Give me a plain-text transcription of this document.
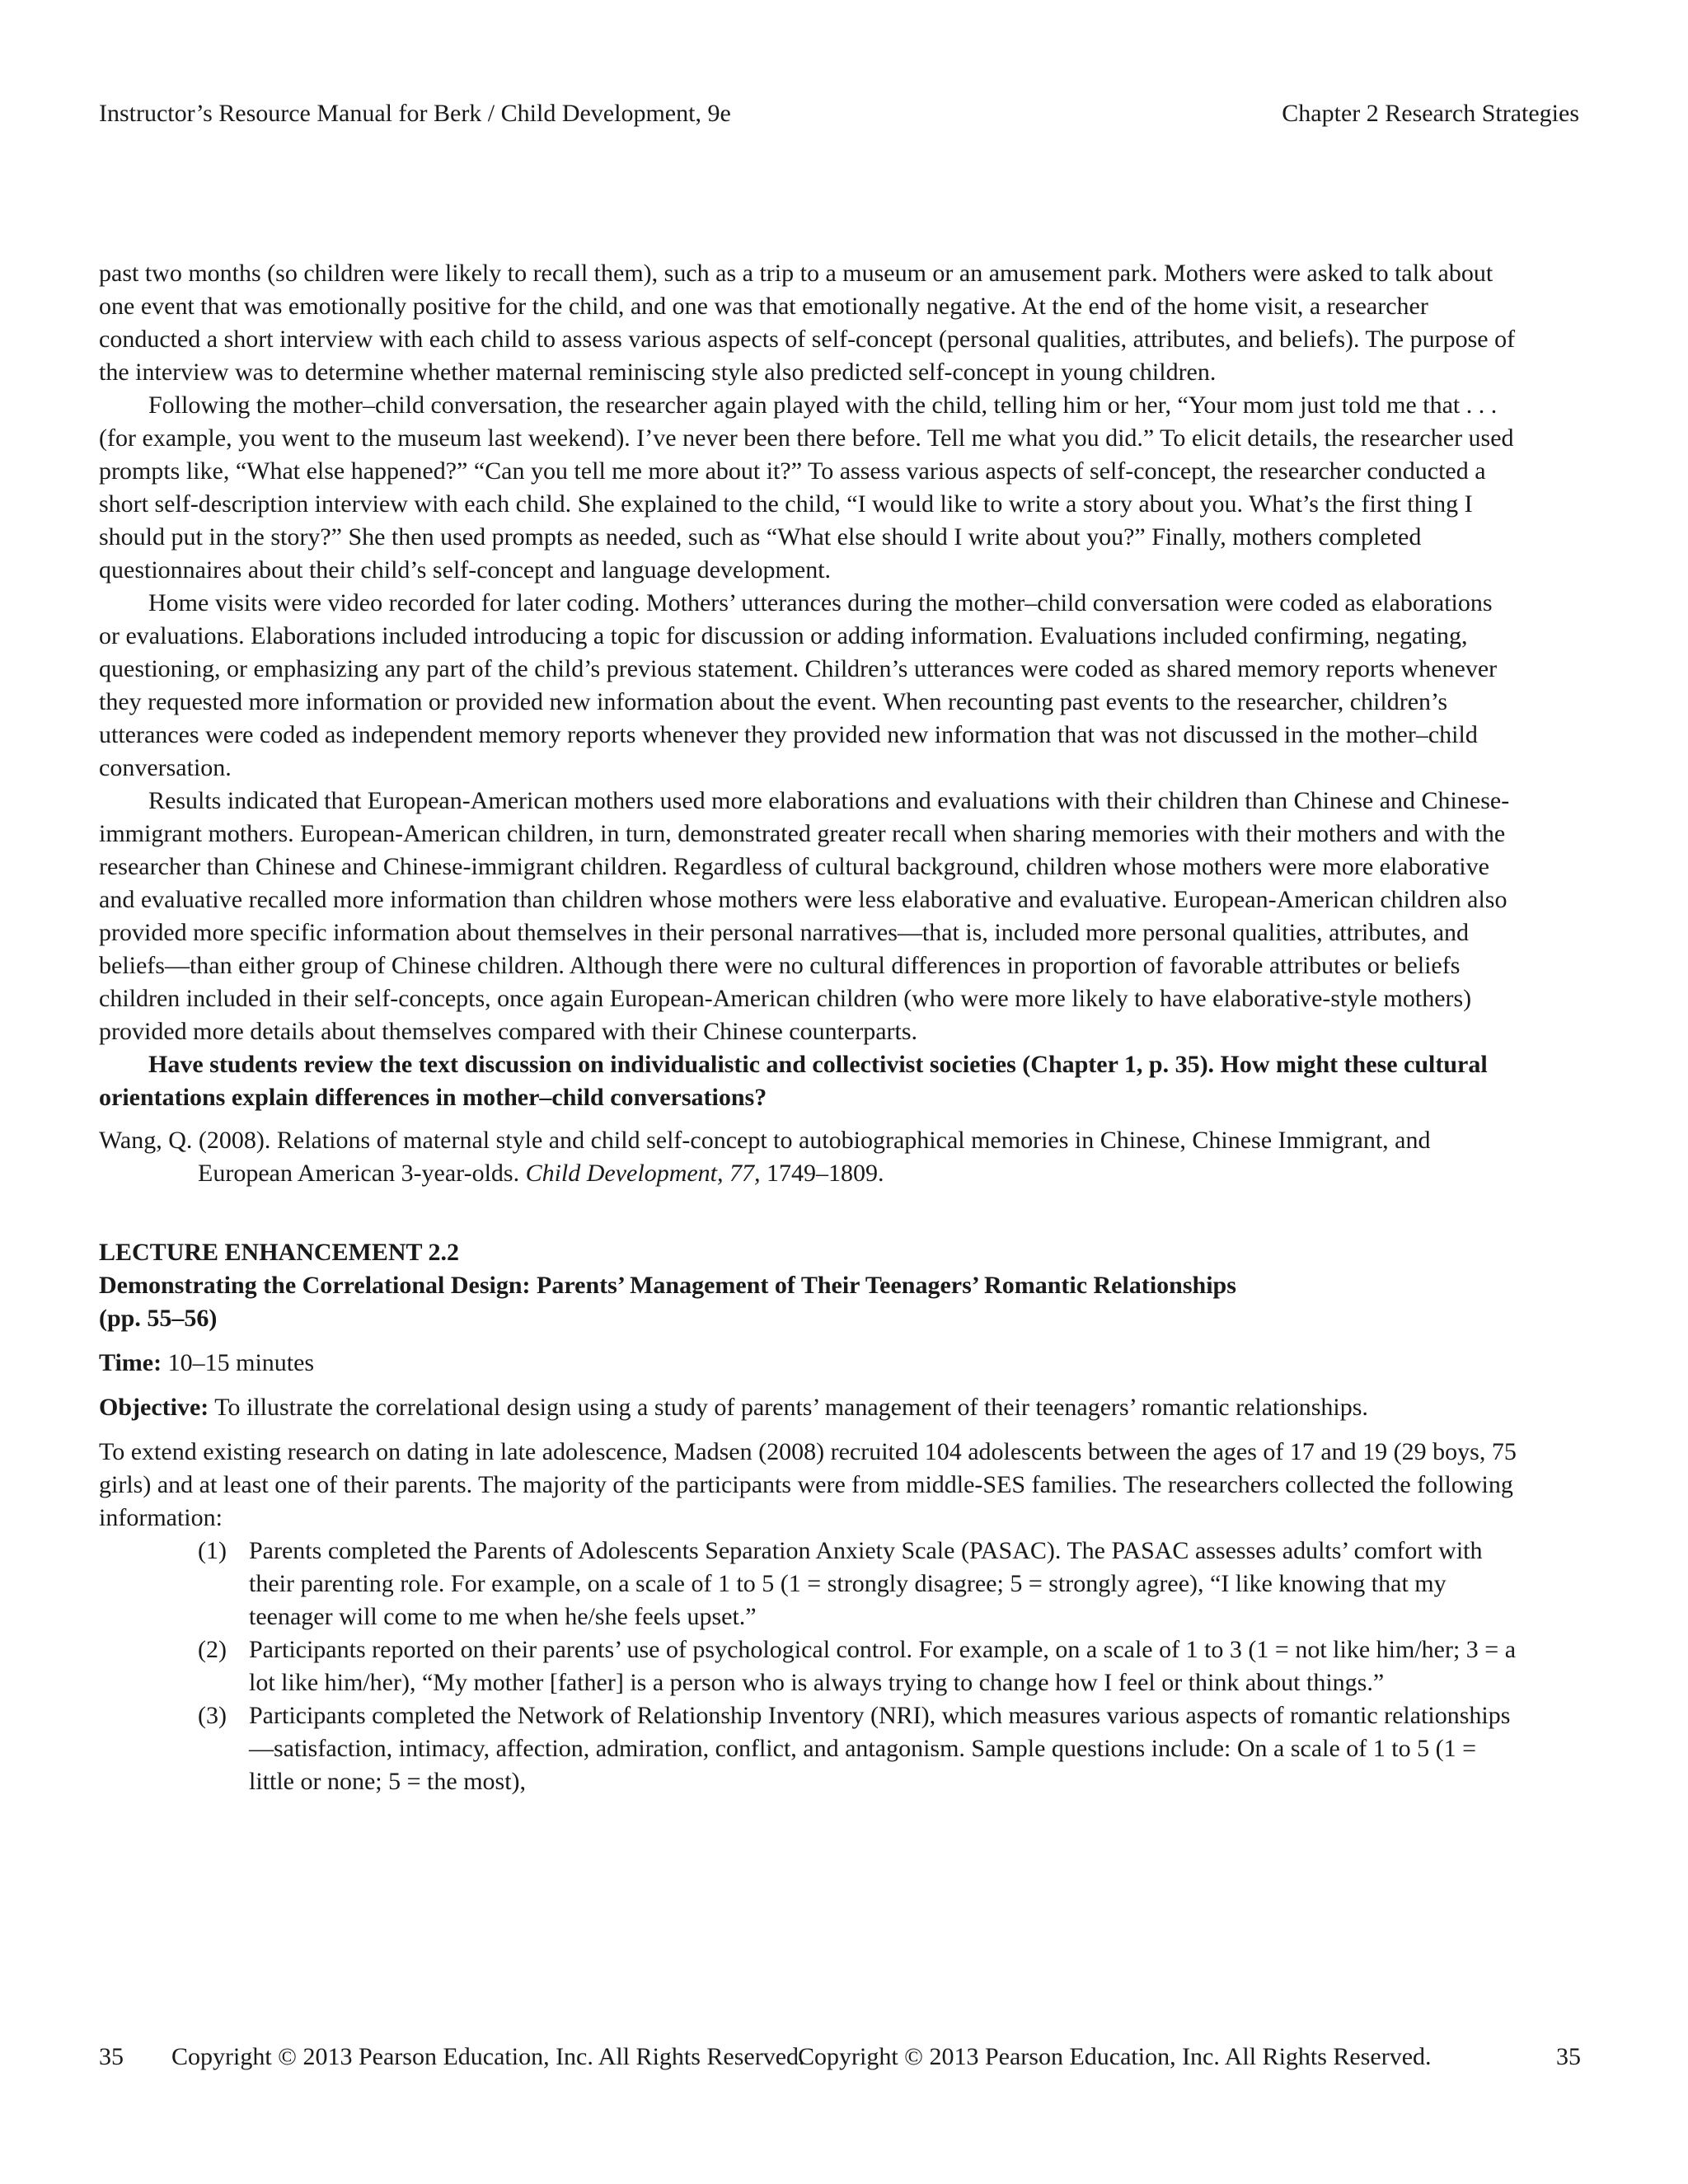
Instructor’s Resource Manual for Berk / Child Development, 9e	Chapter 2 Research Strategies

past two months (so children were likely to recall them), such as a trip to a museum or an amusement park. Mothers were asked to talk about one event that was emotionally positive for the child, and one was that emotionally negative. At the end of the home visit, a researcher conducted a short interview with each child to assess various aspects of self-concept (personal qualities, attributes, and beliefs). The purpose of the interview was to determine whether maternal reminiscing style also predicted self-concept in young children.

Following the mother–child conversation, the researcher again played with the child, telling him or her, “Your mom just told me that . . . (for example, you went to the museum last weekend). I’ve never been there before. Tell me what you did.” To elicit details, the researcher used prompts like, “What else happened?” “Can you tell me more about it?” To assess various aspects of self-concept, the researcher conducted a short self-description interview with each child. She explained to the child, “I would like to write a story about you. What’s the first thing I should put in the story?” She then used prompts as needed, such as “What else should I write about you?” Finally, mothers completed questionnaires about their child’s self-concept and language development.

Home visits were video recorded for later coding. Mothers’ utterances during the mother–child conversation were coded as elaborations or evaluations. Elaborations included introducing a topic for discussion or adding information. Evaluations included confirming, negating, questioning, or emphasizing any part of the child’s previous statement. Children’s utterances were coded as shared memory reports whenever they requested more information or provided new information about the event. When recounting past events to the researcher, children’s utterances were coded as independent memory reports whenever they provided new information that was not discussed in the mother–child conversation.

Results indicated that European-American mothers used more elaborations and evaluations with their children than Chinese and Chinese-immigrant mothers. European-American children, in turn, demonstrated greater recall when sharing memories with their mothers and with the researcher than Chinese and Chinese-immigrant children. Regardless of cultural background, children whose mothers were more elaborative and evaluative recalled more information than children whose mothers were less elaborative and evaluative. European-American children also provided more specific information about themselves in their personal narratives—that is, included more personal qualities, attributes, and beliefs—than either group of Chinese children. Although there were no cultural differences in proportion of favorable attributes or beliefs children included in their self-concepts, once again European-American children (who were more likely to have elaborative-style mothers) provided more details about themselves compared with their Chinese counterparts.

Have students review the text discussion on individualistic and collectivist societies (Chapter 1, p. 35). How might these cultural orientations explain differences in mother–child conversations?

Wang, Q. (2008). Relations of maternal style and child self-concept to autobiographical memories in Chinese, Chinese Immigrant, and European American 3-year-olds. Child Development, 77, 1749–1809.

LECTURE ENHANCEMENT 2.2

Demonstrating the Correlational Design: Parents’ Management of Their Teenagers’ Romantic Relationships
(pp. 55–56)

Time: 10–15 minutes

Objective: To illustrate the correlational design using a study of parents’ management of their teenagers’ romantic relationships.

To extend existing research on dating in late adolescence, Madsen (2008) recruited 104 adolescents between the ages of 17 and 19 (29 boys, 75 girls) and at least one of their parents. The majority of the participants were from middle-SES families. The researchers collected the following information:

(1) Parents completed the Parents of Adolescents Separation Anxiety Scale (PASAC). The PASAC assesses adults’ comfort with their parenting role. For example, on a scale of 1 to 5 (1 = strongly disagree; 5 = strongly agree), “I like knowing that my teenager will come to me when he/she feels upset.”
(2) Participants reported on their parents’ use of psychological control. For example, on a scale of 1 to 3 (1 = not like him/her; 3 = a lot like him/her), “My mother [father] is a person who is always trying to change how I feel or think about things.”
(3) Participants completed the Network of Relationship Inventory (NRI), which measures various aspects of romantic relationships—satisfaction, intimacy, affection, admiration, conflict, and antagonism. Sample questions include: On a scale of 1 to 5 (1 = little or none; 5 = the most),
35 Copyright © 2013 Pearson Education, Inc. All Rights Reserved.
Copyright © 2013 Pearson Education, Inc. All Rights Reserved.	35
